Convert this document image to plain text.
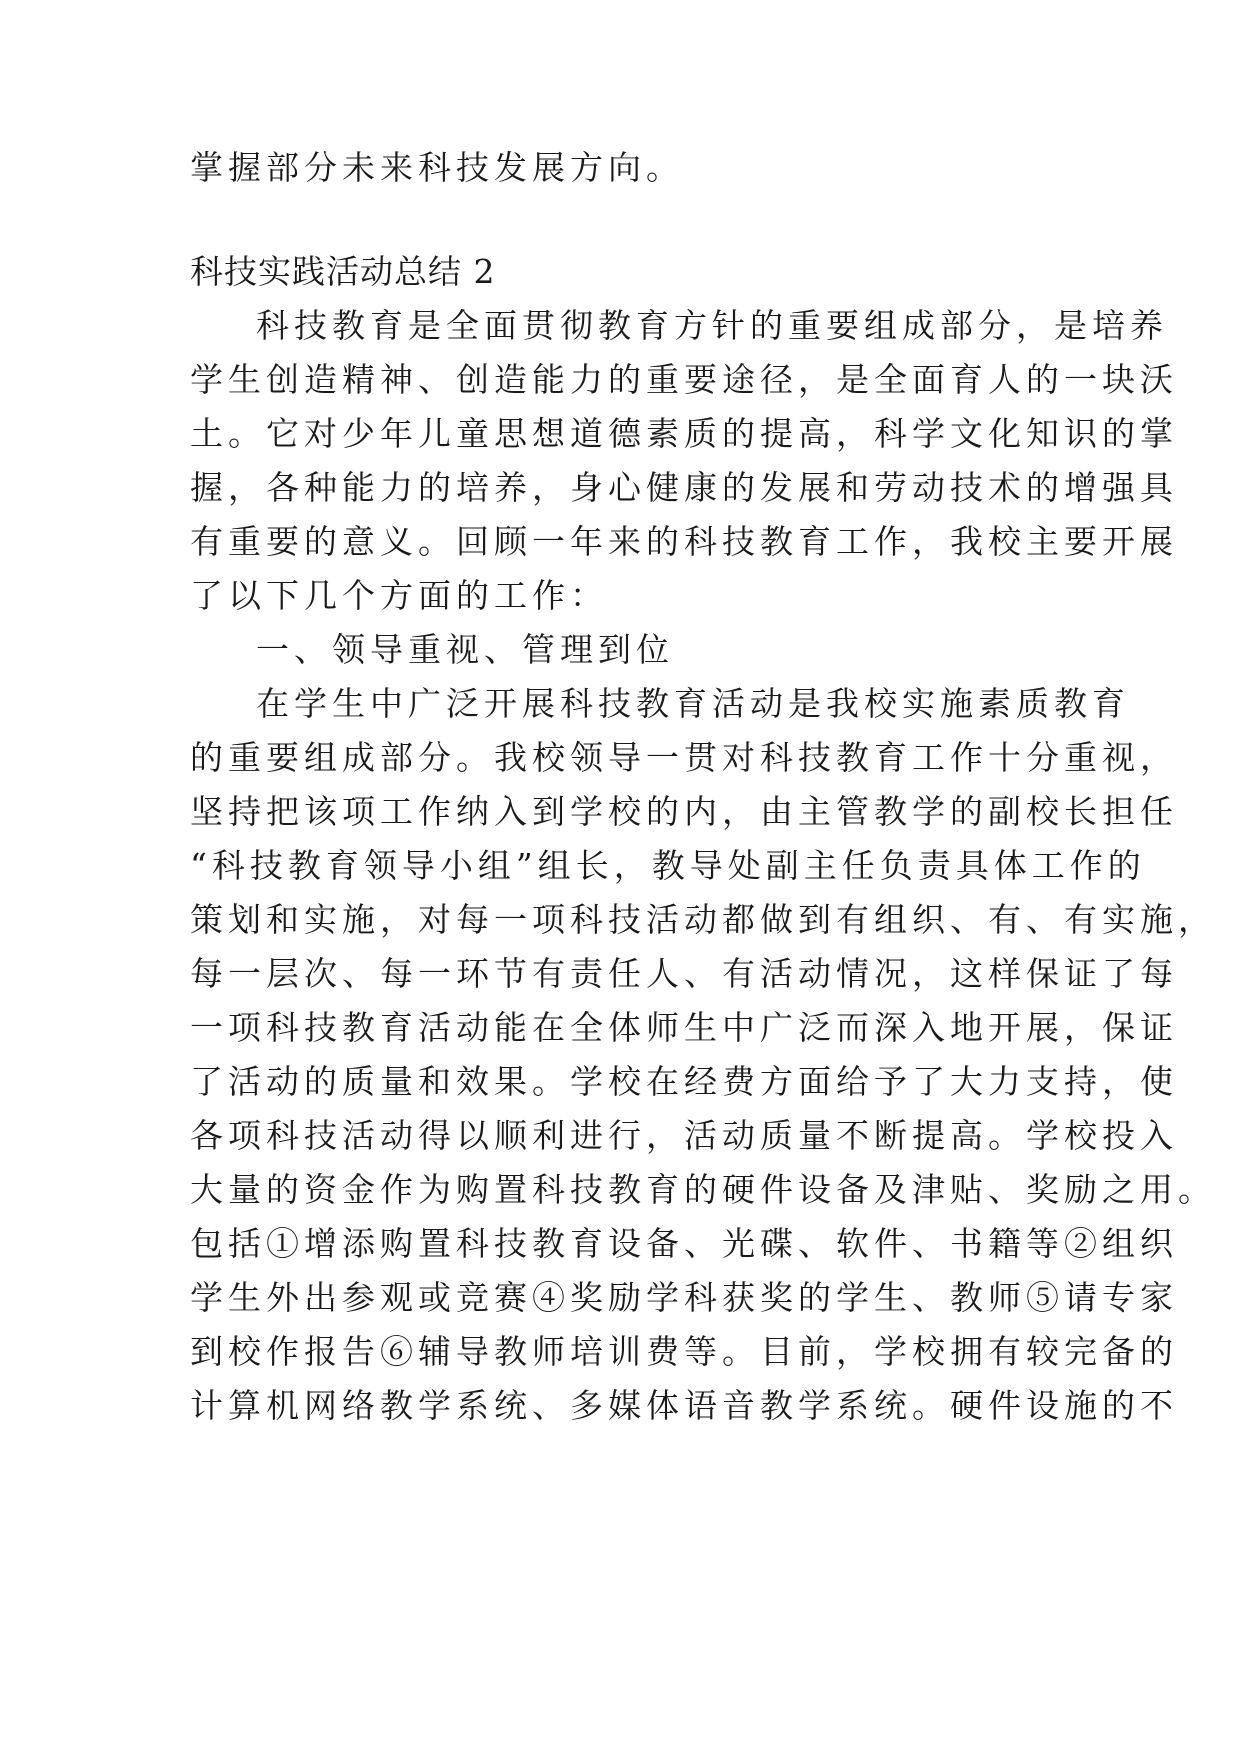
掌握部分未来科技发展方向。
科技实践活动总结 2
科技教育是全面贯彻教育方针的重要组成部分，是培养
学生创造精神、创造能力的重要途径，是全面育人的一块沃
土。它对少年儿童思想道德素质的提高，科学文化知识的掌
握，各种能力的培养，身心健康的发展和劳动技术的增强具
有重要的意义。回顾一年来的科技教育工作，我校主要开展
了以下几个方面的工作：
一、领导重视、管理到位
在学生中广泛开展科技教育活动是我校实施素质教育
的重要组成部分。我校领导一贯对科技教育工作十分重视，
坚持把该项工作纳入到学校的内，由主管教学的副校长担任
“科技教育领导小组”组长，教导处副主任负责具体工作的
策划和实施，对每一项科技活动都做到有组织、有、有实施，
每一层次、每一环节有责任人、有活动情况，这样保证了每
一项科技教育活动能在全体师生中广泛而深入地开展，保证
了活动的质量和效果。学校在经费方面给予了大力支持，使
各项科技活动得以顺利进行，活动质量不断提高。学校投入
大量的资金作为购置科技教育的硬件设备及津贴、奖励之用。
包括①增添购置科技教育设备、光碟、软件、书籍等②组织
学生外出参观或竞赛④奖励学科获奖的学生、教师⑤请专家
到校作报告⑥辅导教师培训费等。目前，学校拥有较完备的
计算机网络教学系统、多媒体语音教学系统。硬件设施的不
